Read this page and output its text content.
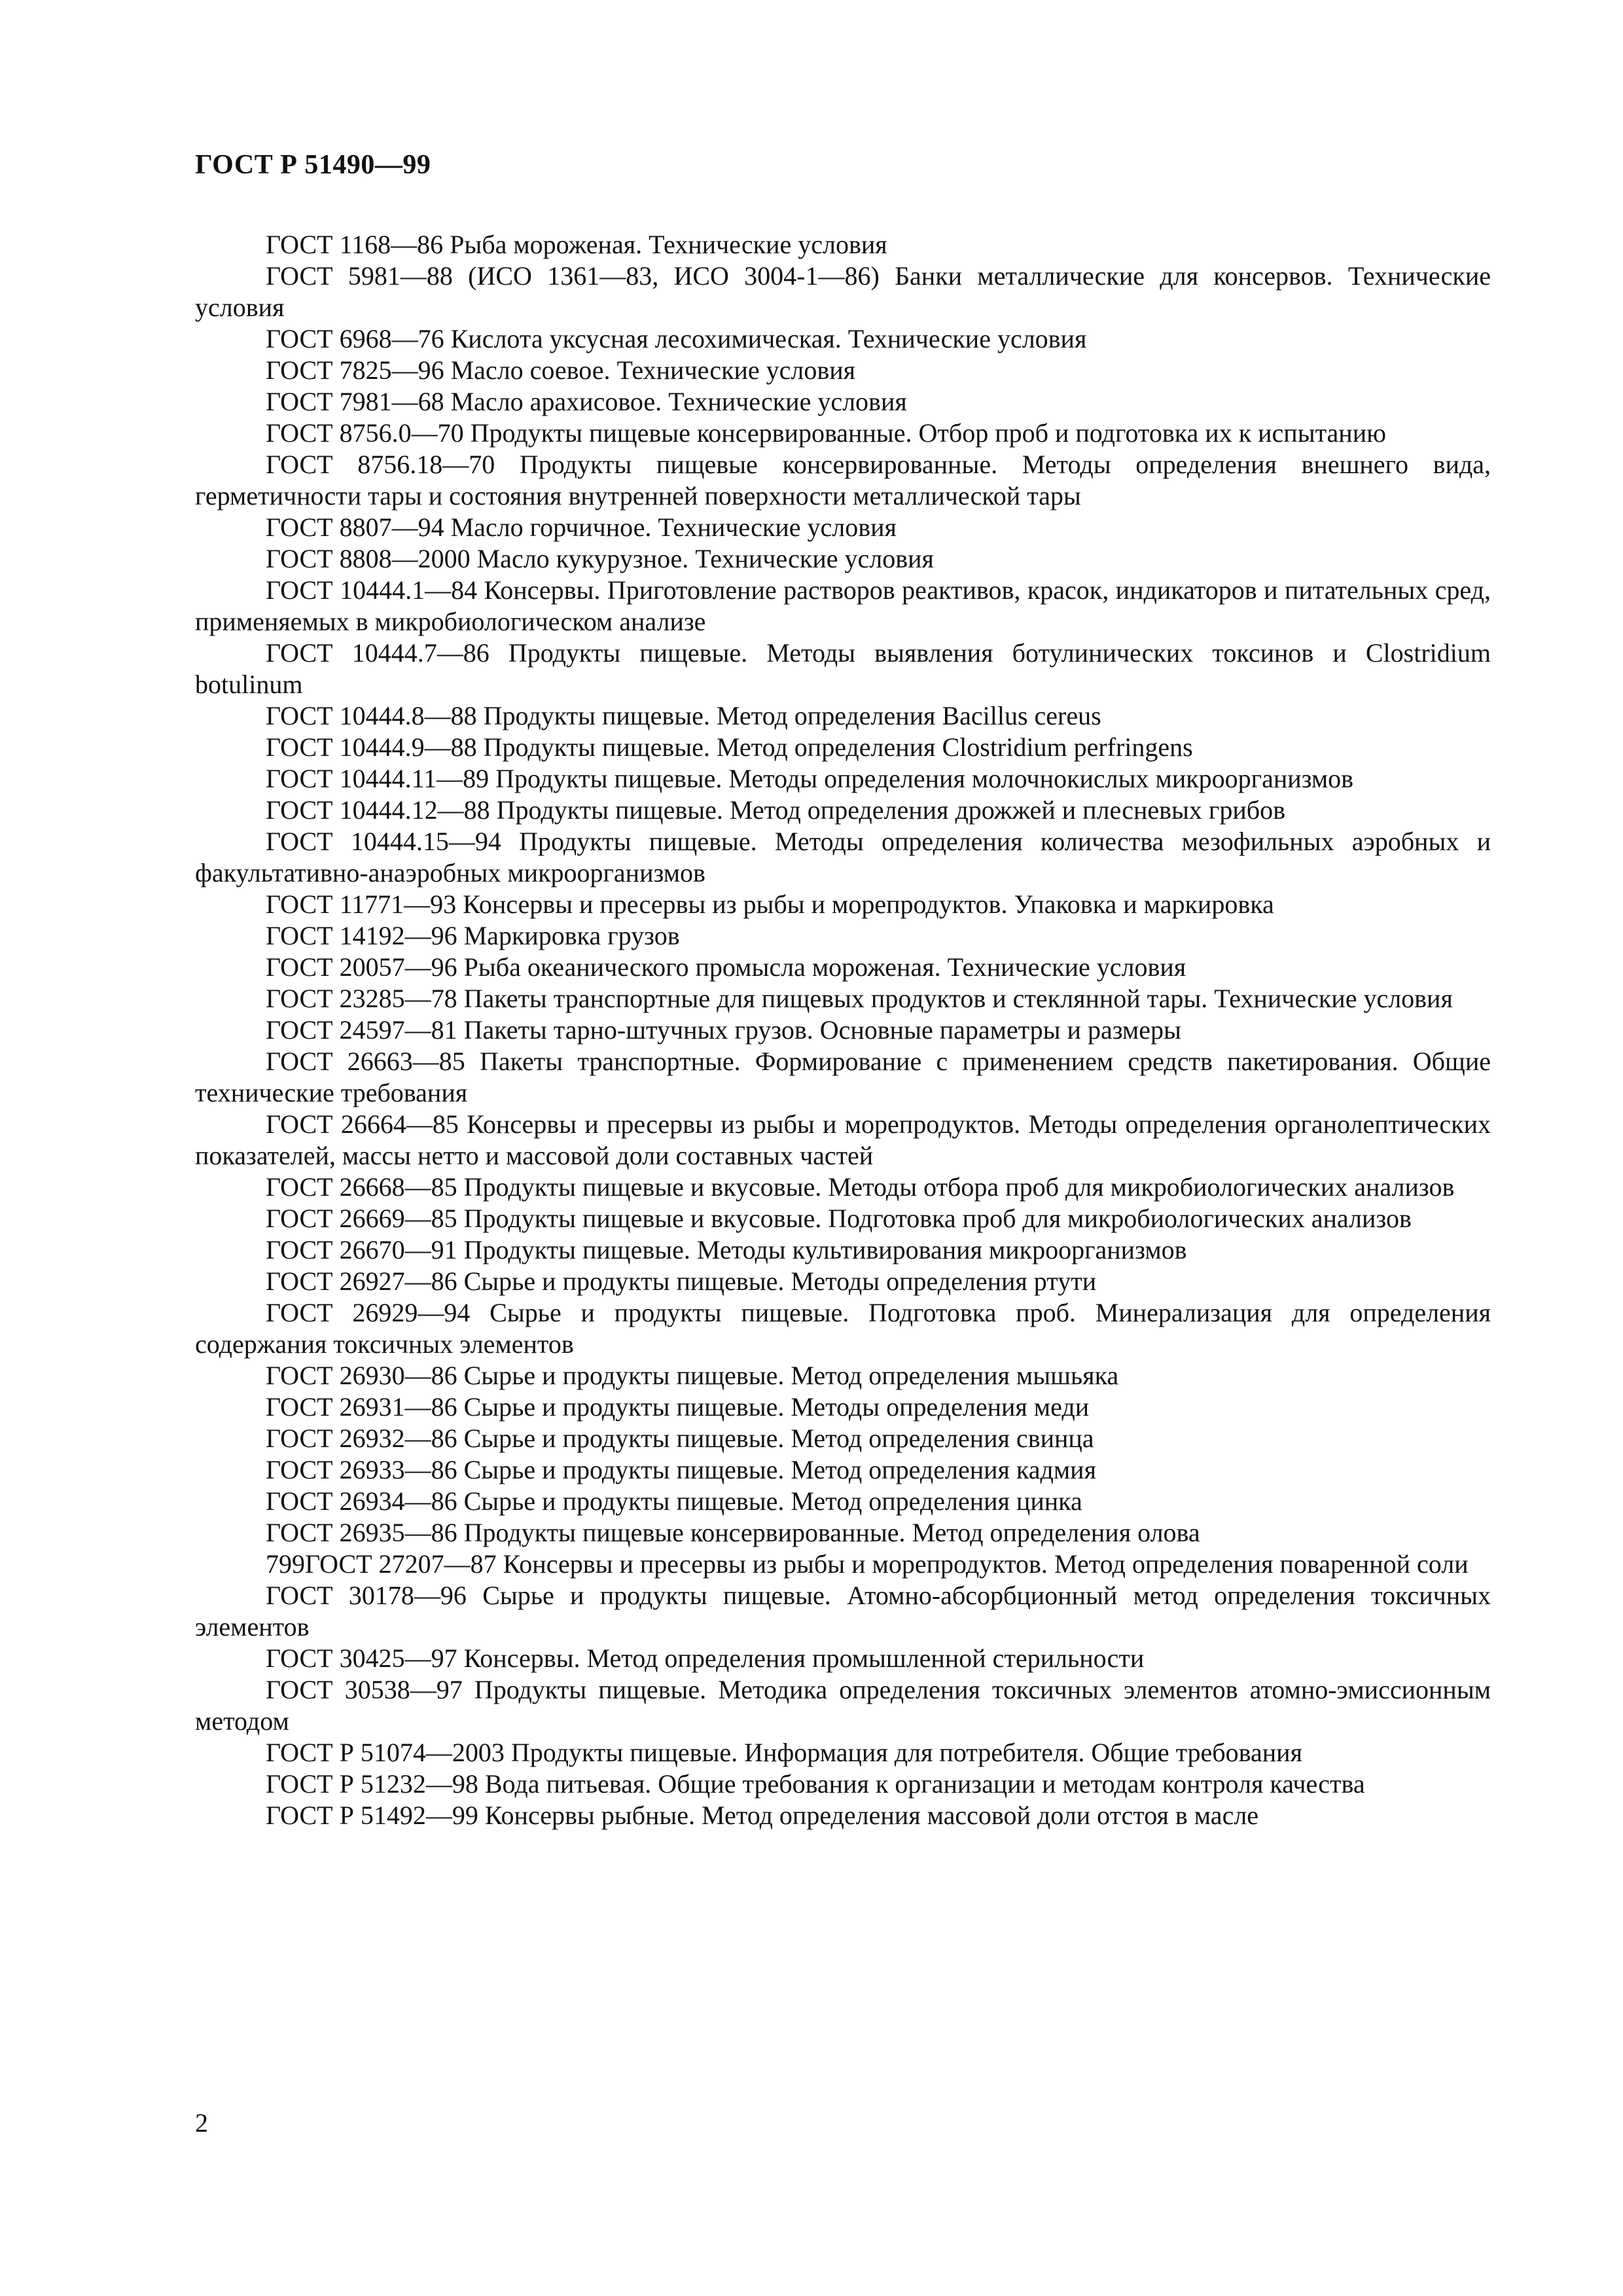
ГОСТ Р 51490—99

ГОСТ 1168—86 Рыба мороженая. Технические условия

ГОСТ 5981—88 (ИСО 1361—83, ИСО 3004-1—86) Банки металлические для консервов. Технические условия

ГОСТ 6968—76 Кислота уксусная лесохимическая. Технические условия

ГОСТ 7825—96 Масло соевое. Технические условия

ГОСТ 7981—68 Масло арахисовое. Технические условия

ГОСТ 8756.0—70 Продукты пищевые консервированные. Отбор проб и подготовка их к испытанию

ГОСТ 8756.18—70 Продукты пищевые консервированные. Методы определения внешнего вида, герметичности тары и состояния внутренней поверхности металлической тары

ГОСТ 8807—94 Масло горчичное. Технические условия

ГОСТ 8808—2000 Масло кукурузное. Технические условия

ГОСТ 10444.1—84 Консервы. Приготовление растворов реактивов, красок, индикаторов и питательных сред, применяемых в микробиологическом анализе

ГОСТ 10444.7—86 Продукты пищевые. Методы выявления ботулинических токсинов и Clostridium botulinum

ГОСТ 10444.8—88 Продукты пищевые. Метод определения Bacillus cereus

ГОСТ 10444.9—88 Продукты пищевые. Метод определения Clostridium perfringens

ГОСТ 10444.11—89 Продукты пищевые. Методы определения молочнокислых микроорганизмов

ГОСТ 10444.12—88 Продукты пищевые. Метод определения дрожжей и плесневых грибов

ГОСТ 10444.15—94 Продукты пищевые. Методы определения количества мезофильных аэробных и факультативно-анаэробных микроорганизмов

ГОСТ 11771—93 Консервы и пресервы из рыбы и морепродуктов. Упаковка и маркировка

ГОСТ 14192—96 Маркировка грузов

ГОСТ 20057—96 Рыба океанического промысла мороженая. Технические условия

ГОСТ 23285—78 Пакеты транспортные для пищевых продуктов и стеклянной тары. Технические условия

ГОСТ 24597—81 Пакеты тарно-штучных грузов. Основные параметры и размеры

ГОСТ 26663—85 Пакеты транспортные. Формирование с применением средств пакетирования. Общие технические требования

ГОСТ 26664—85 Консервы и пресервы из рыбы и морепродуктов. Методы определения органолептических показателей, массы нетто и массовой доли составных частей

ГОСТ 26668—85 Продукты пищевые и вкусовые. Методы отбора проб для микробиологических анализов

ГОСТ 26669—85 Продукты пищевые и вкусовые. Подготовка проб для микробиологических анализов

ГОСТ 26670—91 Продукты пищевые. Методы культивирования микроорганизмов

ГОСТ 26927—86 Сырье и продукты пищевые. Методы определения ртути

ГОСТ 26929—94 Сырье и продукты пищевые. Подготовка проб. Минерализация для определения содержания токсичных элементов

ГОСТ 26930—86 Сырье и продукты пищевые. Метод определения мышьяка

ГОСТ 26931—86 Сырье и продукты пищевые. Методы определения меди

ГОСТ 26932—86 Сырье и продукты пищевые. Метод определения свинца

ГОСТ 26933—86 Сырье и продукты пищевые. Метод определения кадмия

ГОСТ 26934—86 Сырье и продукты пищевые. Метод определения цинка

ГОСТ 26935—86 Продукты пищевые консервированные. Метод определения олова

799ГОСТ 27207—87 Консервы и пресервы из рыбы и морепродуктов. Метод определения поваренной соли

ГОСТ 30178—96 Сырье и продукты пищевые. Атомно-абсорбционный метод определения токсичных элементов

ГОСТ 30425—97 Консервы. Метод определения промышленной стерильности

ГОСТ 30538—97 Продукты пищевые. Методика определения токсичных элементов атомно-эмиссионным методом

ГОСТ Р 51074—2003 Продукты пищевые. Информация для потребителя. Общие требования

ГОСТ Р 51232—98 Вода питьевая. Общие требования к организации и методам контроля качества

ГОСТ Р 51492—99 Консервы рыбные. Метод определения массовой доли отстоя в масле

2
